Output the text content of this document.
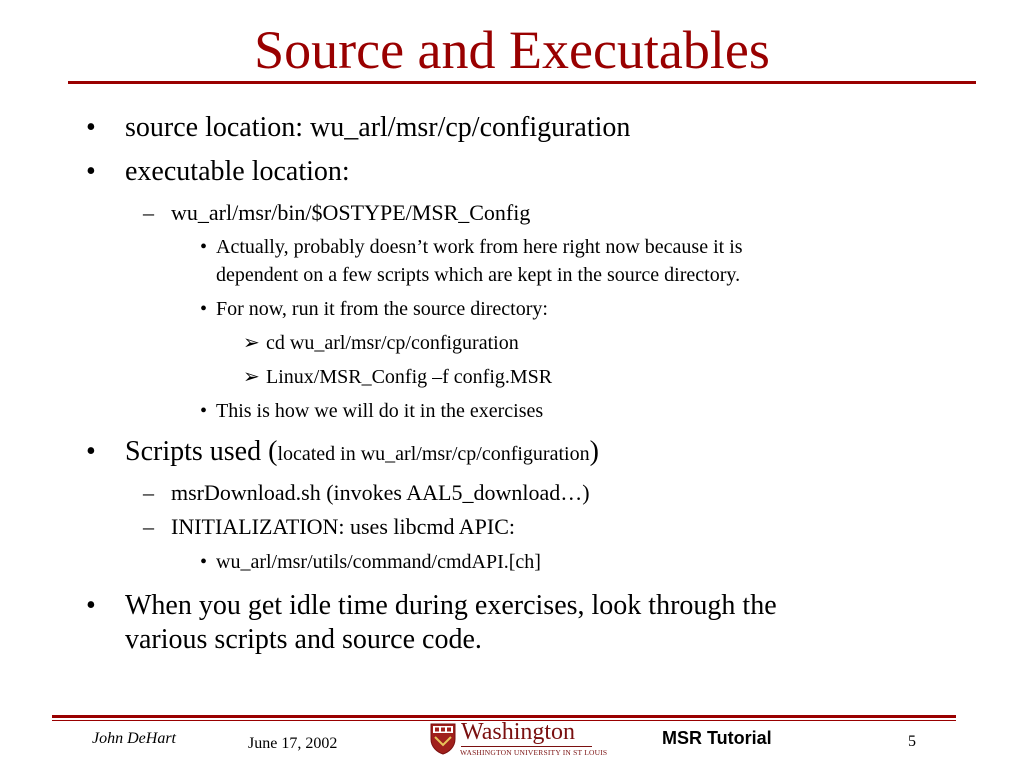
Source and Executables
• source location: wu_arl/msr/cp/configuration
• executable location:
– wu_arl/msr/bin/$OSTYPE/MSR_Config
• Actually, probably doesn’t work from here right now because it is
dependent on a few scripts which are kept in the source directory.
• For now, run it from the source directory:
➢ cd wu_arl/msr/cp/configuration
➢ Linux/MSR_Config –f config.MSR
• This is how we will do it in the exercises
• Scripts used (located in wu_arl/msr/cp/configuration)
– msrDownload.sh (invokes AAL5_download…)
– INITIALIZATION: uses libcmd APIC:
• wu_arl/msr/utils/command/cmdAPI.[ch]
• When you get idle time during exercises, look through the
various scripts and source code.
John DeHart	June 17, 2002	Washington
WASHINGTON UNIVERSITY IN ST LOUIS
MSR Tutorial	5
